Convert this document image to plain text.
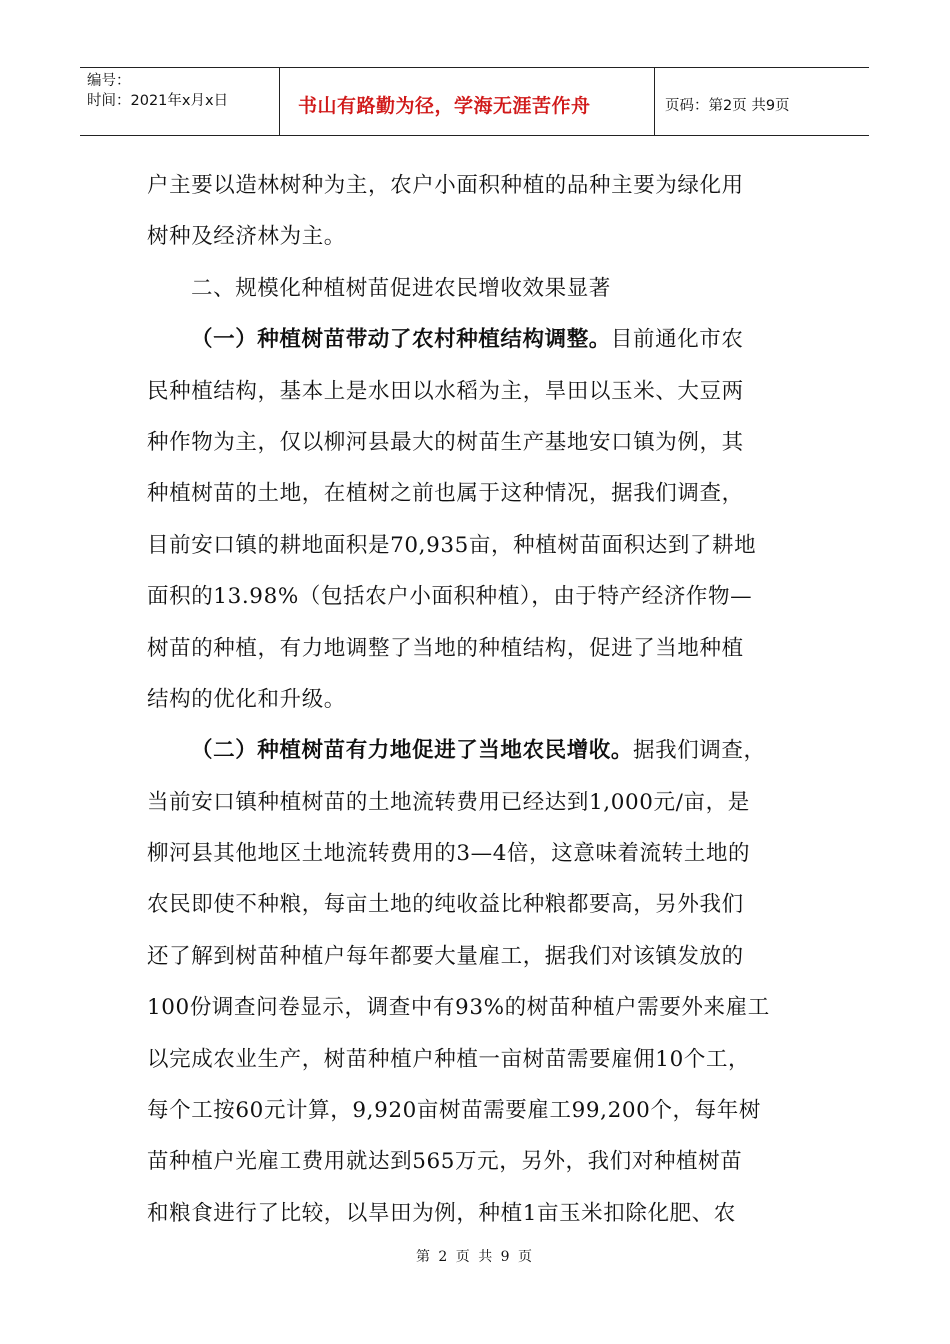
编号：
时间：2021年x月x日	书山有路勤为径，学海无涯苦作舟	页码：第2页 共9页
户主要以造林树种为主，农户小面积种植的品种主要为绿化用
树种及经济林为主。
二、规模化种植树苗促进农民增收效果显著
（一）种植树苗带动了农村种植结构调整。目前通化市农
民种植结构，基本上是水田以水稻为主，旱田以玉米、大豆两
种作物为主，仅以柳河县最大的树苗生产基地安口镇为例，其
种植树苗的土地，在植树之前也属于这种情况，据我们调查，
目前安口镇的耕地面积是70,935亩，种植树苗面积达到了耕地
面积的13.98%（包括农户小面积种植），由于特产经济作物—
树苗的种植，有力地调整了当地的种植结构，促进了当地种植
结构的优化和升级。
（二）种植树苗有力地促进了当地农民增收。据我们调查，
当前安口镇种植树苗的土地流转费用已经达到1,000元/亩，是
柳河县其他地区土地流转费用的3—4倍，这意味着流转土地的
农民即使不种粮，每亩土地的纯收益比种粮都要高，另外我们
还了解到树苗种植户每年都要大量雇工，据我们对该镇发放的
100份调查问卷显示，调查中有93%的树苗种植户需要外来雇工
以完成农业生产，树苗种植户种植一亩树苗需要雇佣10个工，
每个工按60元计算，9,920亩树苗需要雇工99,200个，每年树
苗种植户光雇工费用就达到565万元，另外，我们对种植树苗
和粮食进行了比较，以旱田为例，种植1亩玉米扣除化肥、农
第 2 页 共 9 页
